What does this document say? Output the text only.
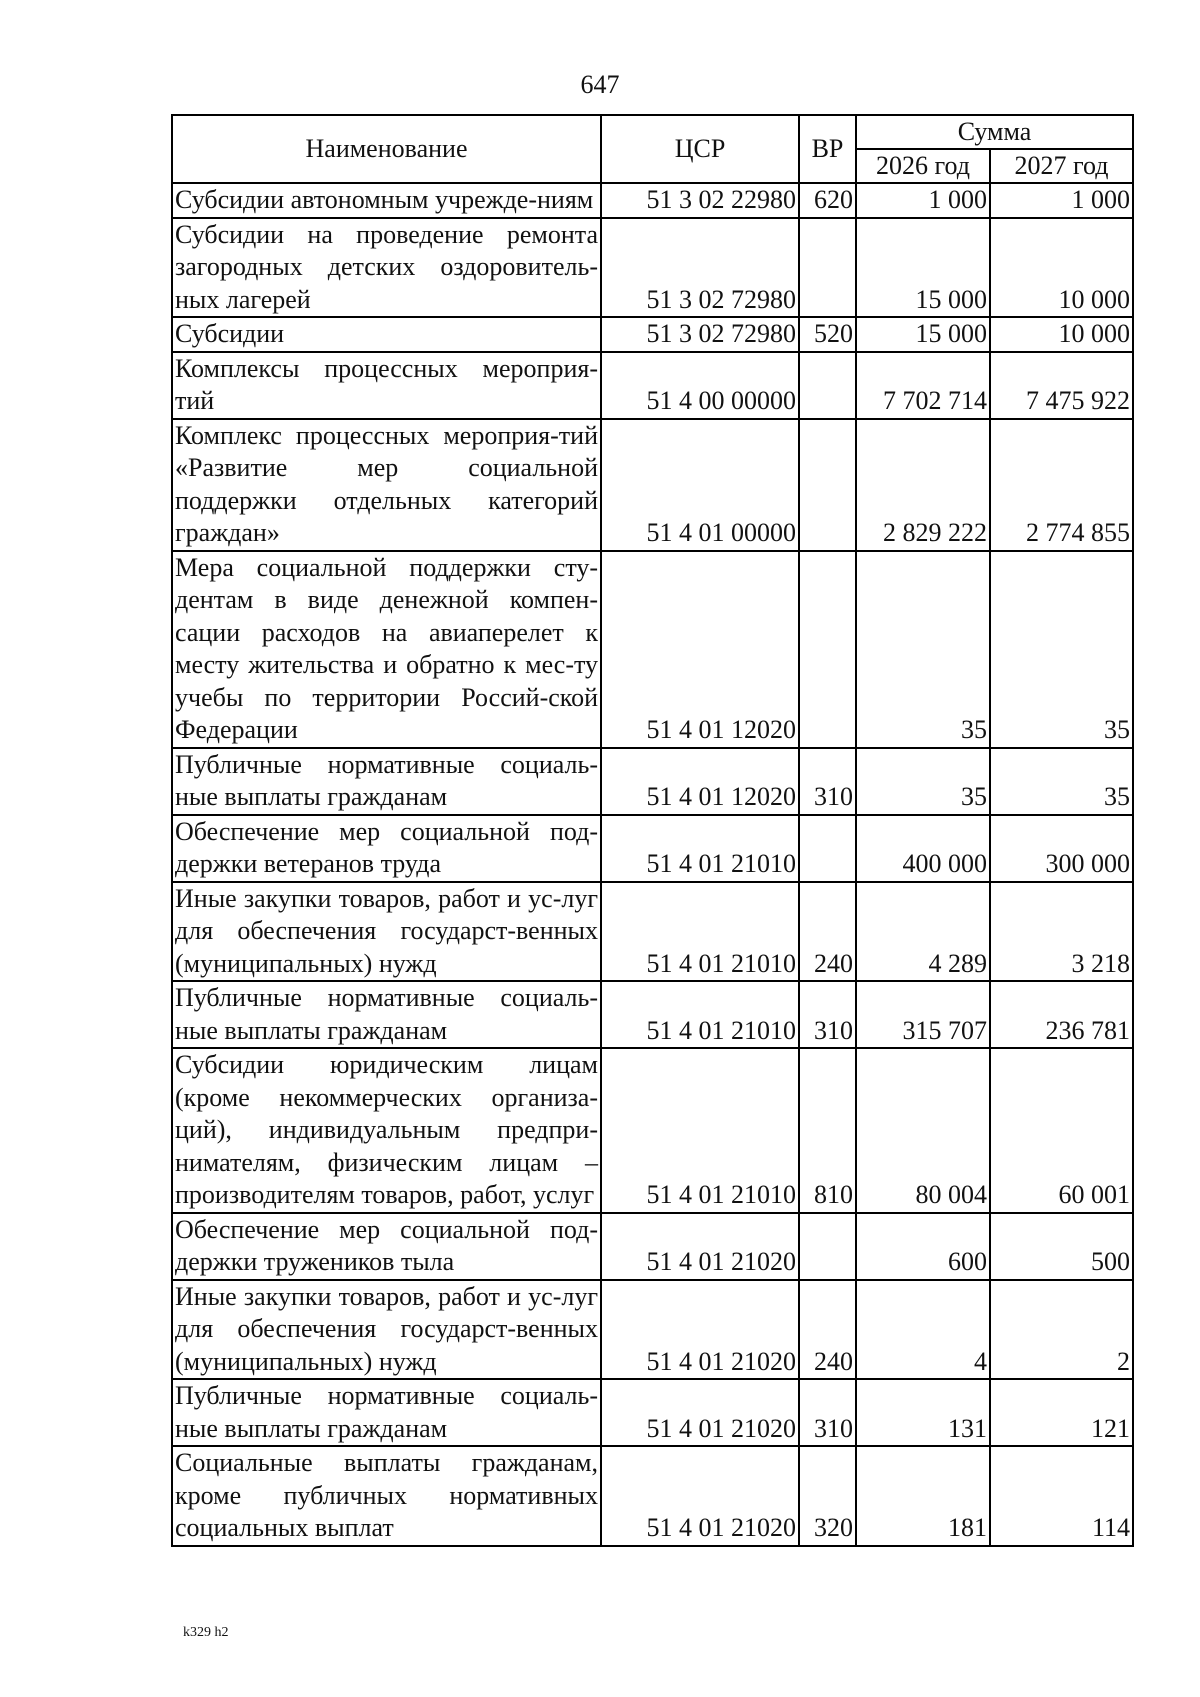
647
Наименование	ЦСР	ВР	Сумма	
			2026 год	2027 год
Субсидии автономным учрежде-ниям	51 3 02 22980	620	1 000	1 000
Субсидии на проведение ремонта загородных детских оздоровитель-ных лагерей	51 3 02 72980		15 000	10 000
Субсидии	51 3 02 72980	520	15 000	10 000
Комплексы процессных мероприя-тий	51 4 00 00000		7 702 714	7 475 922
Комплекс процессных мероприя-тий «Развитие мер социальной поддержки отдельных категорий граждан»	51 4 01 00000		2 829 222	2 774 855
Мера социальной поддержки сту-дентам в виде денежной компен-сации расходов на авиаперелет к месту жительства и обратно к мес-ту учебы по территории Россий-ской Федерации	51 4 01 12020		35	35
Публичные нормативные социаль-ные выплаты гражданам	51 4 01 12020	310	35	35
Обеспечение мер социальной под-держки ветеранов труда	51 4 01 21010		400 000	300 000
Иные закупки товаров, работ и ус-луг для обеспечения государст-венных (муниципальных) нужд	51 4 01 21010	240	4 289	3 218
Публичные нормативные социаль-ные выплаты гражданам	51 4 01 21010	310	315 707	236 781
Субсидии юридическим лицам (кроме некоммерческих организа-ций), индивидуальным предпри-нимателям, физическим лицам – производителям товаров, работ, услуг	51 4 01 21010	810	80 004	60 001
Обеспечение мер социальной под-держки тружеников тыла	51 4 01 21020		600	500
Иные закупки товаров, работ и ус-луг для обеспечения государст-венных (муниципальных) нужд	51 4 01 21020	240	4	2
Публичные нормативные социаль-ные выплаты гражданам	51 4 01 21020	310	131	121
Социальные выплаты гражданам, кроме публичных нормативных социальных выплат	51 4 01 21020	320	181	114
k329 h2
